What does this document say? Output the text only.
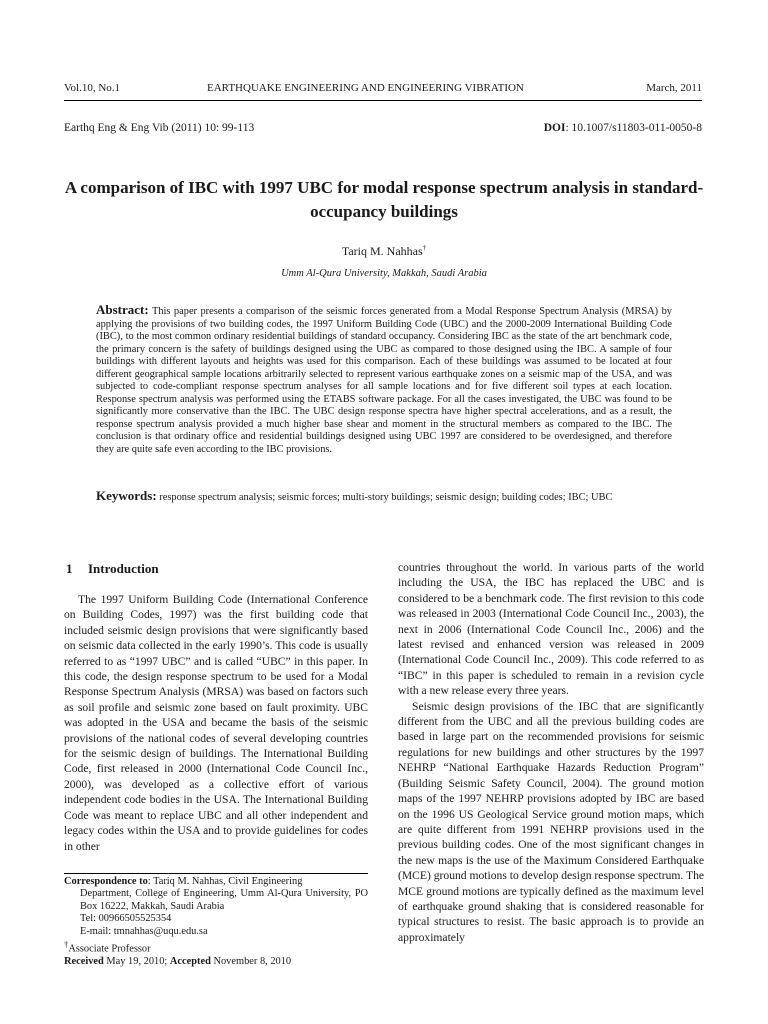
Vol.10, No.1	EARTHQUAKE ENGINEERING AND ENGINEERING VIBRATION	March, 2011
Earthq Eng & Eng Vib (2011) 10: 99-113	DOI: 10.1007/s11803-011-0050-8
A comparison of IBC with 1997 UBC for modal response spectrum analysis in standard-occupancy buildings
Tariq M. Nahhas†
Umm Al-Qura University, Makkah, Saudi Arabia
Abstract: This paper presents a comparison of the seismic forces generated from a Modal Response Spectrum Analysis (MRSA) by applying the provisions of two building codes, the 1997 Uniform Building Code (UBC) and the 2000-2009 International Building Code (IBC), to the most common ordinary residential buildings of standard occupancy. Considering IBC as the state of the art benchmark code, the primary concern is the safety of buildings designed using the UBC as compared to those designed using the IBC. A sample of four buildings with different layouts and heights was used for this comparison. Each of these buildings was assumed to be located at four different geographical sample locations arbitrarily selected to represent various earthquake zones on a seismic map of the USA, and was subjected to code-compliant response spectrum analyses for all sample locations and for five different soil types at each location. Response spectrum analysis was performed using the ETABS software package. For all the cases investigated, the UBC was found to be significantly more conservative than the IBC. The UBC design response spectra have higher spectral accelerations, and as a result, the response spectrum analysis provided a much higher base shear and moment in the structural members as compared to the IBC. The conclusion is that ordinary office and residential buildings designed using UBC 1997 are considered to be overdesigned, and therefore they are quite safe even according to the IBC provisions.
Keywords: response spectrum analysis; seismic forces; multi-story buildings; seismic design; building codes; IBC; UBC
1 Introduction

The 1997 Uniform Building Code (International Conference on Building Codes, 1997) was the first building code that included seismic design provisions that were significantly based on seismic data collected in the early 1990’s. This code is usually referred to as “1997 UBC” and is called “UBC” in this paper. In this code, the design response spectrum to be used for a Modal Response Spectrum Analysis (MRSA) was based on factors such as soil profile and seismic zone based on fault proximity. UBC was adopted in the USA and became the basis of the seismic provisions of the national codes of several developing countries for the seismic design of buildings. The International Building Code, first released in 2000 (International Code Council Inc., 2000), was developed as a collective effort of various independent code bodies in the USA. The International Building Code was meant to replace UBC and all other independent and legacy codes within the USA and to provide guidelines for codes in other

countries throughout the world. In various parts of the world including the USA, the IBC has replaced the UBC and is considered to be a benchmark code. The first revision to this code was released in 2003 (International Code Council Inc., 2003), the next in 2006 (International Code Council Inc., 2006) and the latest revised and enhanced version was released in 2009 (International Code Council Inc., 2009). This code referred to as “IBC” in this paper is scheduled to remain in a revision cycle with a new release every three years.

Seismic design provisions of the IBC that are significantly different from the UBC and all the previous building codes are based in large part on the recommended provisions for seismic regulations for new buildings and other structures by the 1997 NEHRP “National Earthquake Hazards Reduction Program” (Building Seismic Safety Council, 2004). The ground motion maps of the 1997 NEHRP provisions adopted by IBC are based on the 1996 US Geological Service ground motion maps, which are quite different from 1991 NEHRP provisions used in the previous building codes. One of the most significant changes in the new maps is the use of the Maximum Considered Earthquake (MCE) ground motions to develop design response spectrum. The MCE ground motions are typically defined as the maximum level of earthquake ground shaking that is considered reasonable for typical structures to resist. The basic approach is to provide an approximately

Correspondence to: Tariq M. Nahhas, Civil Engineering
Department, College of Engineering, Umm Al-Qura University, PO Box 16222, Makkah, Saudi Arabia
Tel: 00966505525354
E-mail: tmnahhas@uqu.edu.sa
†Associate Professor
Received May 19, 2010; Accepted November 8, 2010
